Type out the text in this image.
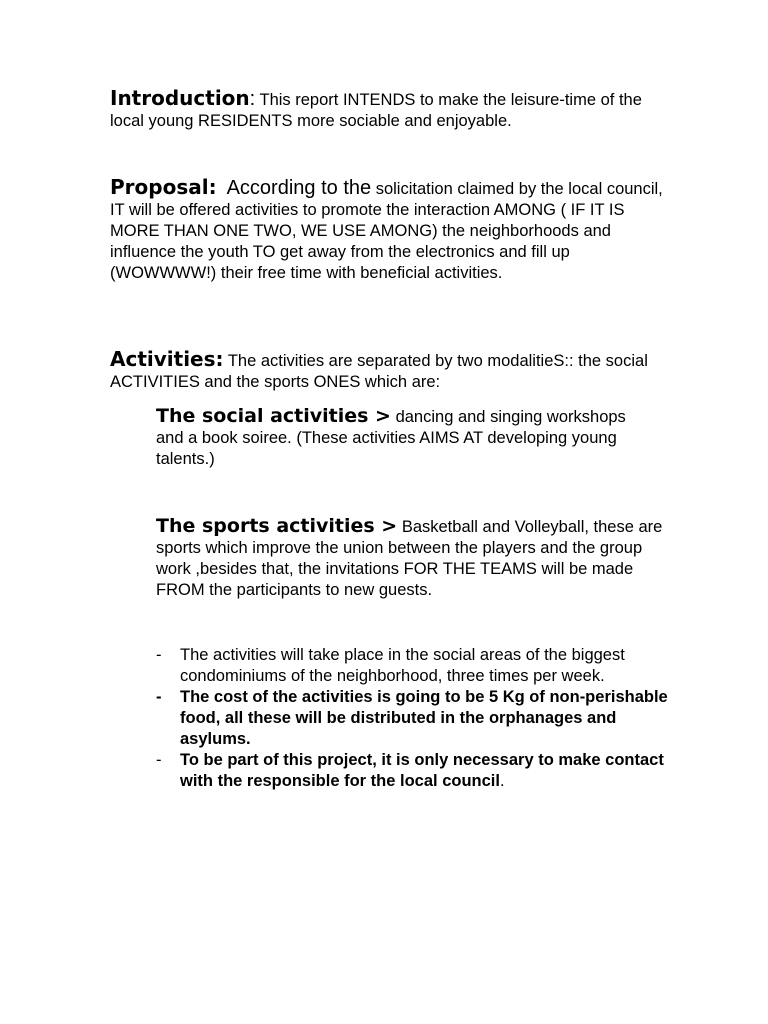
Introduction: This report INTENDS to make the leisure-time of the local young RESIDENTS more sociable and enjoyable.

Proposal:  According to the solicitation claimed by the local council, IT will be offered activities to promote the interaction AMONG ( IF IT IS MORE THAN ONE TWO, WE USE AMONG) the neighborhoods and influence the youth TO get away from the electronics and fill up (WOWWWW!) their free time with beneficial activities.

Activities: The activities are separated by two modalitieS:: the social ACTIVITIES and the sports ONES which are:

The social activities > dancing and singing workshops and a book soiree. (These activities AIMS AT developing young talents.)

The sports activities > Basketball and Volleyball, these are sports which improve the union between the players and the group work ,besides that, the invitations FOR THE TEAMS will be made FROM the participants to new guests.

- The activities will take place in the social areas of the biggest condominiums of the neighborhood, three times per week.
- The cost of the activities is going to be 5 Kg of non-perishable food, all these will be distributed in the orphanages and asylums.
- To be part of this project, it is only necessary to make contact with the responsible for the local council.
